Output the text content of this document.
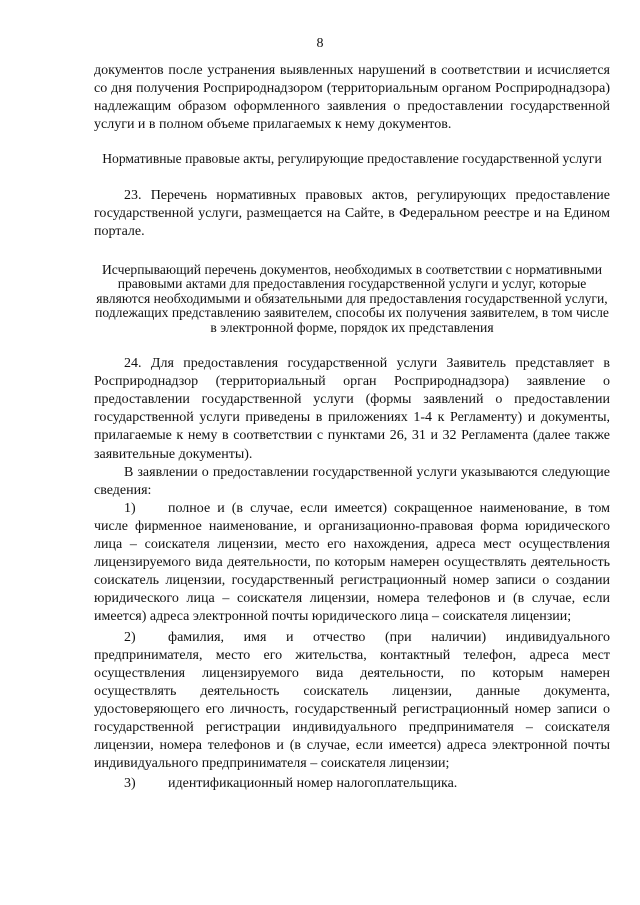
8

документов после устранения выявленных нарушений в соответствии и исчисляется со дня получения Росприроднадзором (территориальным органом Росприроднадзора) надлежащим образом оформленного заявления о предоставлении государственной услуги и в полном объеме прилагаемых к нему документов.

Нормативные правовые акты, регулирующие предоставление государственной услуги

23. Перечень нормативных правовых актов, регулирующих предоставление государственной услуги, размещается на Сайте, в Федеральном реестре и на Едином портале.

Исчерпывающий перечень документов, необходимых в соответствии с нормативными правовыми актами для предоставления государственной услуги и услуг, которые являются необходимыми и обязательными для предоставления государственной услуги, подлежащих представлению заявителем, способы их получения заявителем, в том числе в электронной форме, порядок их представления

24. Для предоставления государственной услуги Заявитель представляет в Росприроднадзор (территориальный орган Росприроднадзора) заявление о предоставлении государственной услуги (формы заявлений о предоставлении государственной услуги приведены в приложениях 1-4 к Регламенту) и документы, прилагаемые к нему в соответствии с пунктами 26, 31 и 32 Регламента (далее также заявительные документы).

В заявлении о предоставлении государственной услуги указываются следующие сведения:

1) полное и (в случае, если имеется) сокращенное наименование, в том числе фирменное наименование, и организационно-правовая форма юридического лица – соискателя лицензии, место его нахождения, адреса мест осуществления лицензируемого вида деятельности, по которым намерен осуществлять деятельность соискатель лицензии, государственный регистрационный номер записи о создании юридического лица – соискателя лицензии, номера телефонов и (в случае, если имеется) адреса электронной почты юридического лица – соискателя лицензии;

2) фамилия, имя и отчество (при наличии) индивидуального предпринимателя, место его жительства, контактный телефон, адреса мест осуществления лицензируемого вида деятельности, по которым намерен осуществлять деятельность соискатель лицензии, данные документа, удостоверяющего его личность, государственный регистрационный номер записи о государственной регистрации индивидуального предпринимателя – соискателя лицензии, номера телефонов и (в случае, если имеется) адреса электронной почты индивидуального предпринимателя – соискателя лицензии;

3) идентификационный номер налогоплательщика.
